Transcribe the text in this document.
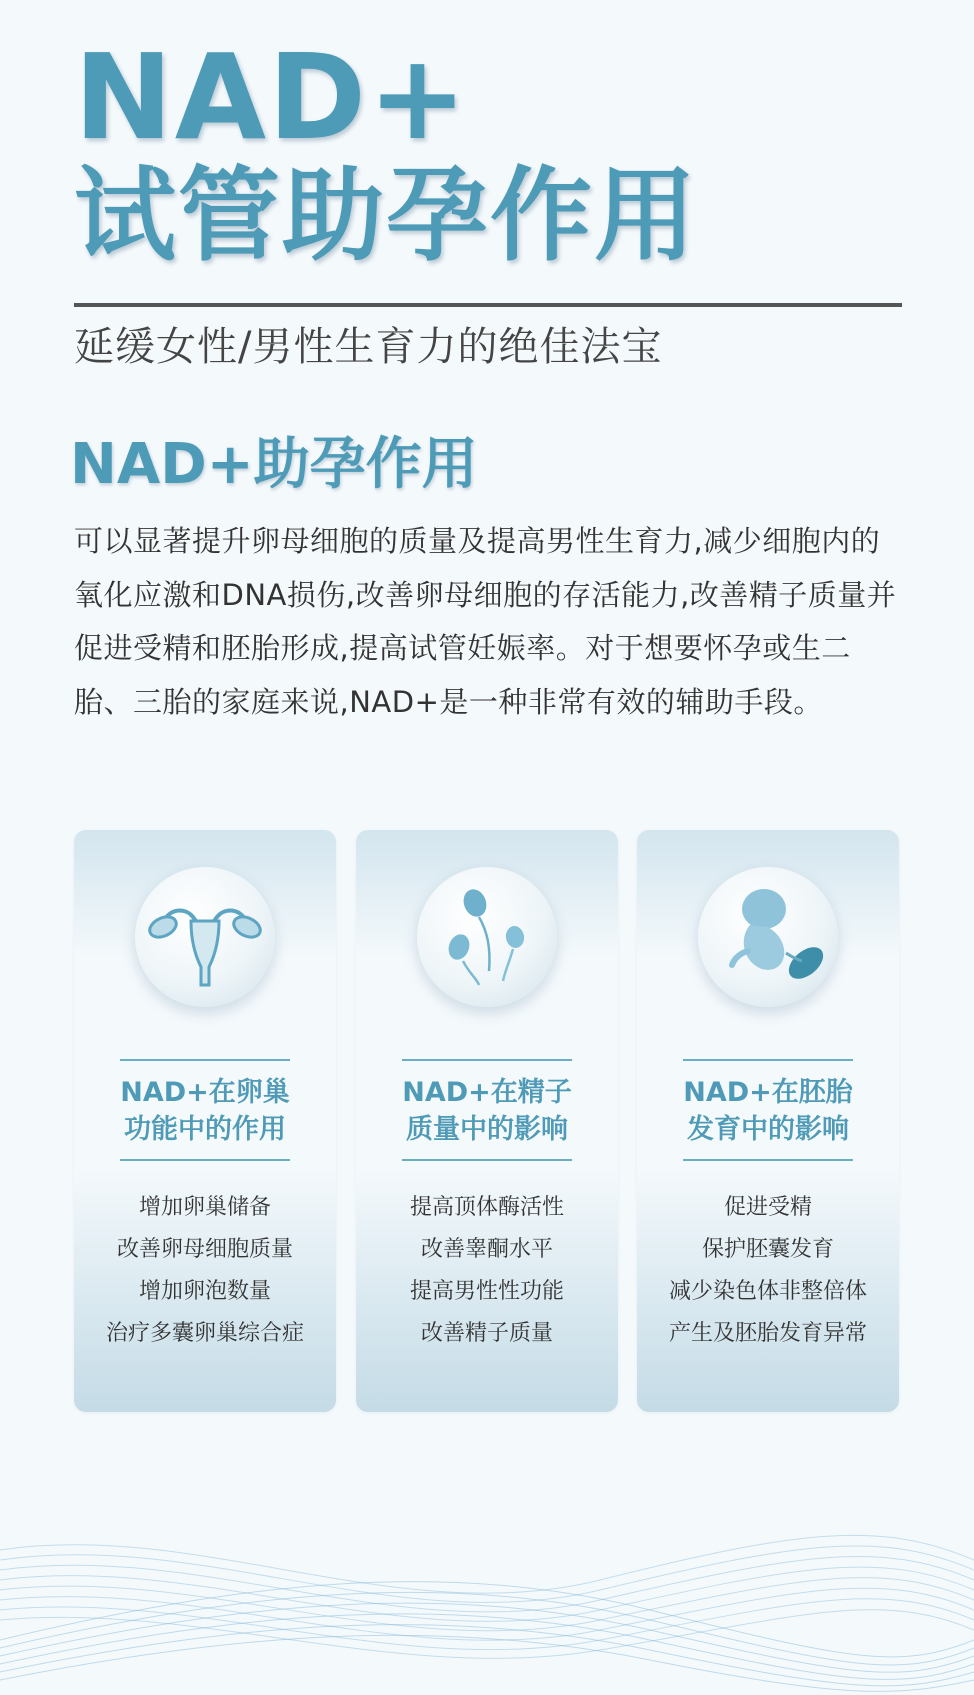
NAD+
试管助孕作用
延缓女性/男性生育力的绝佳法宝
NAD+助孕作用

可以显著提升卵母细胞的质量及提高男性生育力,减少细胞内的氧化应激和DNA损伤,改善卵母细胞的存活能力,改善精子质量并促进受精和胚胎形成,提高试管妊娠率。对于想要怀孕或生二胎、三胎的家庭来说,NAD+是一种非常有效的辅助手段。

NAD+在卵巢
功能中的作用
增加卵巢储备
改善卵母细胞质量
增加卵泡数量
治疗多囊卵巢综合症
NAD+在精子
质量中的影响
提高顶体酶活性
改善睾酮水平
提高男性性功能
改善精子质量
NAD+在胚胎
发育中的影响
促进受精
保护胚囊发育
减少染色体非整倍体
产生及胚胎发育异常
